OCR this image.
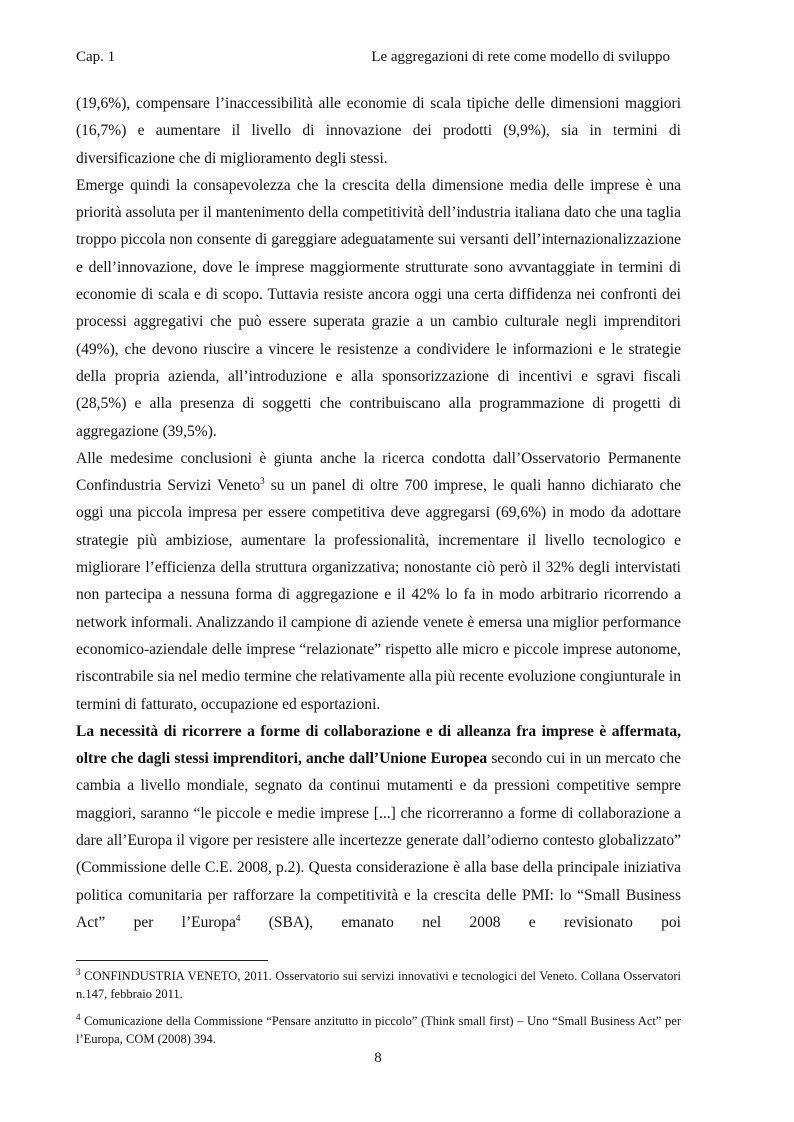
Cap. 1	Le aggregazioni di rete come modello di sviluppo

(19,6%), compensare l’inaccessibilità alle economie di scala tipiche delle dimensioni maggiori (16,7%) e aumentare il livello di innovazione dei prodotti (9,9%), sia in termini di diversificazione che di miglioramento degli stessi.

Emerge quindi la consapevolezza che la crescita della dimensione media delle imprese è una priorità assoluta per il mantenimento della competitività dell’industria italiana dato che una taglia troppo piccola non consente di gareggiare adeguatamente sui versanti dell’internazionalizzazione e dell’innovazione, dove le imprese maggiormente strutturate sono avvantaggiate in termini di economie di scala e di scopo. Tuttavia resiste ancora oggi una certa diffidenza nei confronti dei processi aggregativi che può essere superata grazie a un cambio culturale negli imprenditori (49%), che devono riuscire a vincere le resistenze a condividere le informazioni e le strategie della propria azienda, all’introduzione e alla sponsorizzazione di incentivi e sgravi fiscali (28,5%) e alla presenza di soggetti che contribuiscano alla programmazione di progetti di aggregazione (39,5%).

Alle medesime conclusioni è giunta anche la ricerca condotta dall’Osservatorio Permanente Confindustria Servizi Veneto$^3$ su un panel di oltre 700 imprese, le quali hanno dichiarato che oggi una piccola impresa per essere competitiva deve aggregarsi (69,6%) in modo da adottare strategie più ambiziose, aumentare la professionalità, incrementare il livello tecnologico e migliorare l’efficienza della struttura organizzativa; nonostante ciò però il 32% degli intervistati non partecipa a nessuna forma di aggregazione e il 42% lo fa in modo arbitrario ricorrendo a network informali. Analizzando il campione di aziende venete è emersa una miglior performance economico-aziendale delle imprese “relazionate” rispetto alle micro e piccole imprese autonome, riscontrabile sia nel medio termine che relativamente alla più recente evoluzione congiunturale in termini di fatturato, occupazione ed esportazioni.

La necessità di ricorrere a forme di collaborazione e di alleanza fra imprese è affermata, oltre che dagli stessi imprenditori, anche dall’Unione Europea secondo cui in un mercato che cambia a livello mondiale, segnato da continui mutamenti e da pressioni competitive sempre maggiori, saranno “le piccole e medie imprese [...] che ricorreranno a forme di collaborazione a dare all’Europa il vigore per resistere alle incertezze generate dall’odierno contesto globalizzato” (Commissione delle C.E. 2008, p.2). Questa considerazione è alla base della principale iniziativa politica comunitaria per rafforzare la competitività e la crescita delle PMI: lo “Small Business Act” per l’Europa$^4$ (SBA), emanato nel 2008 e revisionato poi

$^3$ CONFINDUSTRIA VENETO, 2011. Osservatorio sui servizi innovativi e tecnologici del Veneto. Collana Osservatori n.147, febbraio 2011.

$^4$ Comunicazione della Commissione “Pensare anzitutto in piccolo” (Think small first) – Uno “Small Business Act” per l’Europa, COM (2008) 394.

8
